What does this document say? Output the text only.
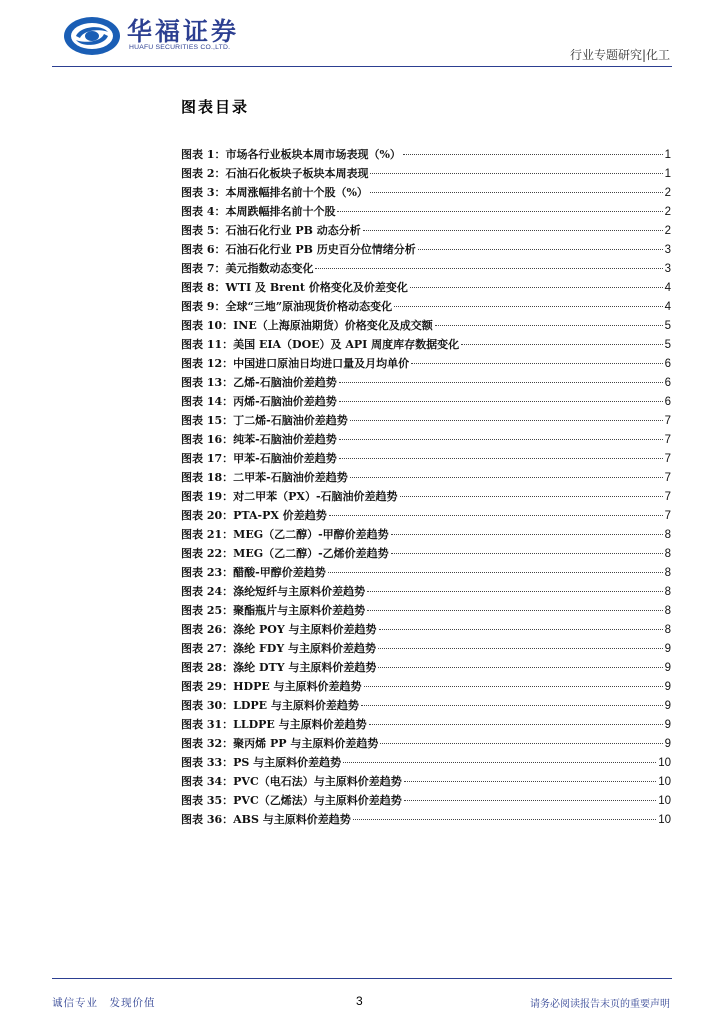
华福证券
HUAFU SECURITIES CO.,LTD.
行业专题研究|化工
图表目录
图表 1：市场各行业板块本周市场表现（%）	1
图表 2：石油石化板块子板块本周表现	1
图表 3：本周涨幅排名前十个股（%）	2
图表 4：本周跌幅排名前十个股	2
图表 5：石油石化行业 PB 动态分析	2
图表 6：石油石化行业 PB 历史百分位情绪分析	3
图表 7：美元指数动态变化	3
图表 8：WTI 及 Brent 价格变化及价差变化	4
图表 9：全球“三地”原油现货价格动态变化	4
图表 10：INE（上海原油期货）价格变化及成交额	5
图表 11：美国 EIA（DOE）及 API 周度库存数据变化	5
图表 12：中国进口原油日均进口量及月均单价	6
图表 13：乙烯-石脑油价差趋势	6
图表 14：丙烯-石脑油价差趋势	6
图表 15：丁二烯-石脑油价差趋势	7
图表 16：纯苯-石脑油价差趋势	7
图表 17：甲苯-石脑油价差趋势	7
图表 18：二甲苯-石脑油价差趋势	7
图表 19：对二甲苯（PX）-石脑油价差趋势	7
图表 20：PTA-PX 价差趋势	7
图表 21：MEG（乙二醇）-甲醇价差趋势	8
图表 22：MEG（乙二醇）-乙烯价差趋势	8
图表 23：醋酸-甲醇价差趋势	8
图表 24：涤纶短纤与主原料价差趋势	8
图表 25：聚酯瓶片与主原料价差趋势	8
图表 26：涤纶 POY 与主原料价差趋势	8
图表 27：涤纶 FDY 与主原料价差趋势	9
图表 28：涤纶 DTY 与主原料价差趋势	9
图表 29：HDPE 与主原料价差趋势	9
图表 30：LDPE 与主原料价差趋势	9
图表 31：LLDPE 与主原料价差趋势	9
图表 32：聚丙烯 PP 与主原料价差趋势	9
图表 33：PS 与主原料价差趋势	10
图表 34：PVC（电石法）与主原料价差趋势	10
图表 35：PVC（乙烯法）与主原料价差趋势	10
图表 36：ABS 与主原料价差趋势	10
诚信专业　发现价值	3	请务必阅读报告末页的重要声明
